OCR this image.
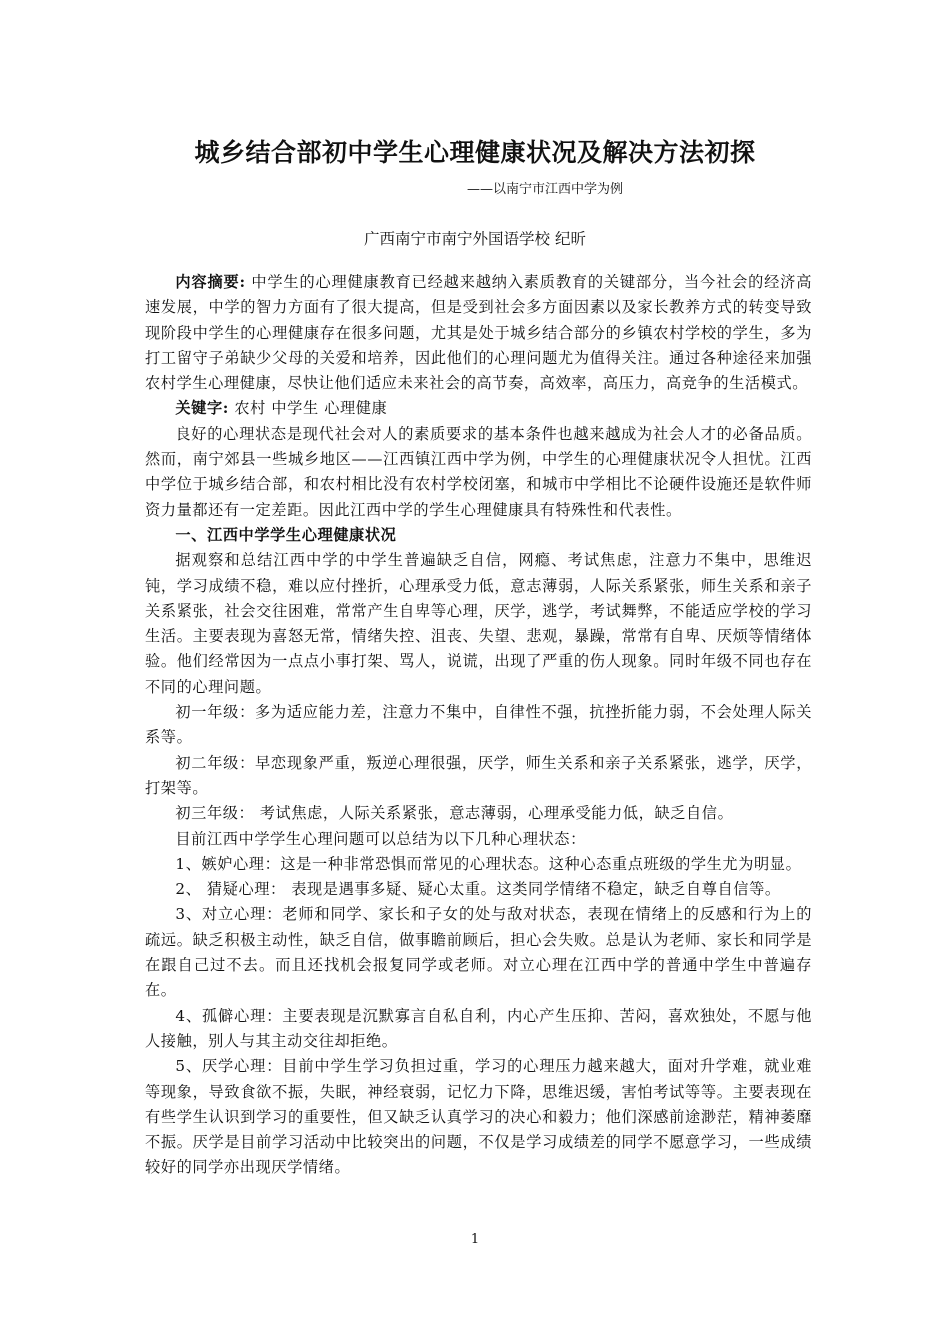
城乡结合部初中学生心理健康状况及解决方法初探
——以南宁市江西中学为例
广西南宁市南宁外国语学校 纪昕

内容摘要: 中学生的心理健康教育已经越来越纳入素质教育的关键部分，当今社会的经济高速发展，中学的智力方面有了很大提高，但是受到社会多方面因素以及家长教养方式的转变导致现阶段中学生的心理健康存在很多问题，尤其是处于城乡结合部分的乡镇农村学校的学生，多为打工留守子弟缺少父母的关爱和培养，因此他们的心理问题尤为值得关注。通过各种途径来加强农村学生心理健康，尽快让他们适应未来社会的高节奏，高效率，高压力，高竞争的生活模式。

关键字: 农村 中学生 心理健康

良好的心理状态是现代社会对人的素质要求的基本条件也越来越成为社会人才的必备品质。然而，南宁郊县一些城乡地区——江西镇江西中学为例，中学生的心理健康状况令人担忧。江西中学位于城乡结合部，和农村相比没有农村学校闭塞，和城市中学相比不论硬件设施还是软件师资力量都还有一定差距。因此江西中学的学生心理健康具有特殊性和代表性。

一、江西中学学生心理健康状况

据观察和总结江西中学的中学生普遍缺乏自信，网瘾、考试焦虑，注意力不集中，思维迟钝，学习成绩不稳，难以应付挫折，心理承受力低，意志薄弱，人际关系紧张，师生关系和亲子关系紧张，社会交往困难，常常产生自卑等心理，厌学，逃学，考试舞弊，不能适应学校的学习生活。主要表现为喜怒无常，情绪失控、沮丧、失望、悲观，暴躁，常常有自卑、厌烦等情绪体验。他们经常因为一点点小事打架、骂人，说谎，出现了严重的伤人现象。同时年级不同也存在不同的心理问题。

初一年级：多为适应能力差，注意力不集中，自律性不强，抗挫折能力弱，不会处理人际关系等。

初二年级：早恋现象严重，叛逆心理很强，厌学，师生关系和亲子关系紧张，逃学，厌学，打架等。

初三年级： 考试焦虑，人际关系紧张，意志薄弱，心理承受能力低，缺乏自信。

目前江西中学学生心理问题可以总结为以下几种心理状态：

1、嫉妒心理：这是一种非常恐惧而常见的心理状态。这种心态重点班级的学生尤为明显。

2、 猜疑心理： 表现是遇事多疑、疑心太重。这类同学情绪不稳定，缺乏自尊自信等。

3、对立心理：老师和同学、家长和子女的处与敌对状态，表现在情绪上的反感和行为上的疏远。缺乏积极主动性，缺乏自信，做事瞻前顾后，担心会失败。总是认为老师、家长和同学是在跟自己过不去。而且还找机会报复同学或老师。对立心理在江西中学的普通中学生中普遍存在。

4、孤僻心理：主要表现是沉默寡言自私自利，内心产生压抑、苦闷，喜欢独处，不愿与他人接触，别人与其主动交往却拒绝。

5、厌学心理：目前中学生学习负担过重，学习的心理压力越来越大，面对升学难，就业难等现象，导致食欲不振，失眠，神经衰弱，记忆力下降，思维迟缓，害怕考试等等。主要表现在有些学生认识到学习的重要性，但又缺乏认真学习的决心和毅力；他们深感前途渺茫，精神萎靡不振。厌学是目前学习活动中比较突出的问题，不仅是学习成绩差的同学不愿意学习，一些成绩较好的同学亦出现厌学情绪。

1
